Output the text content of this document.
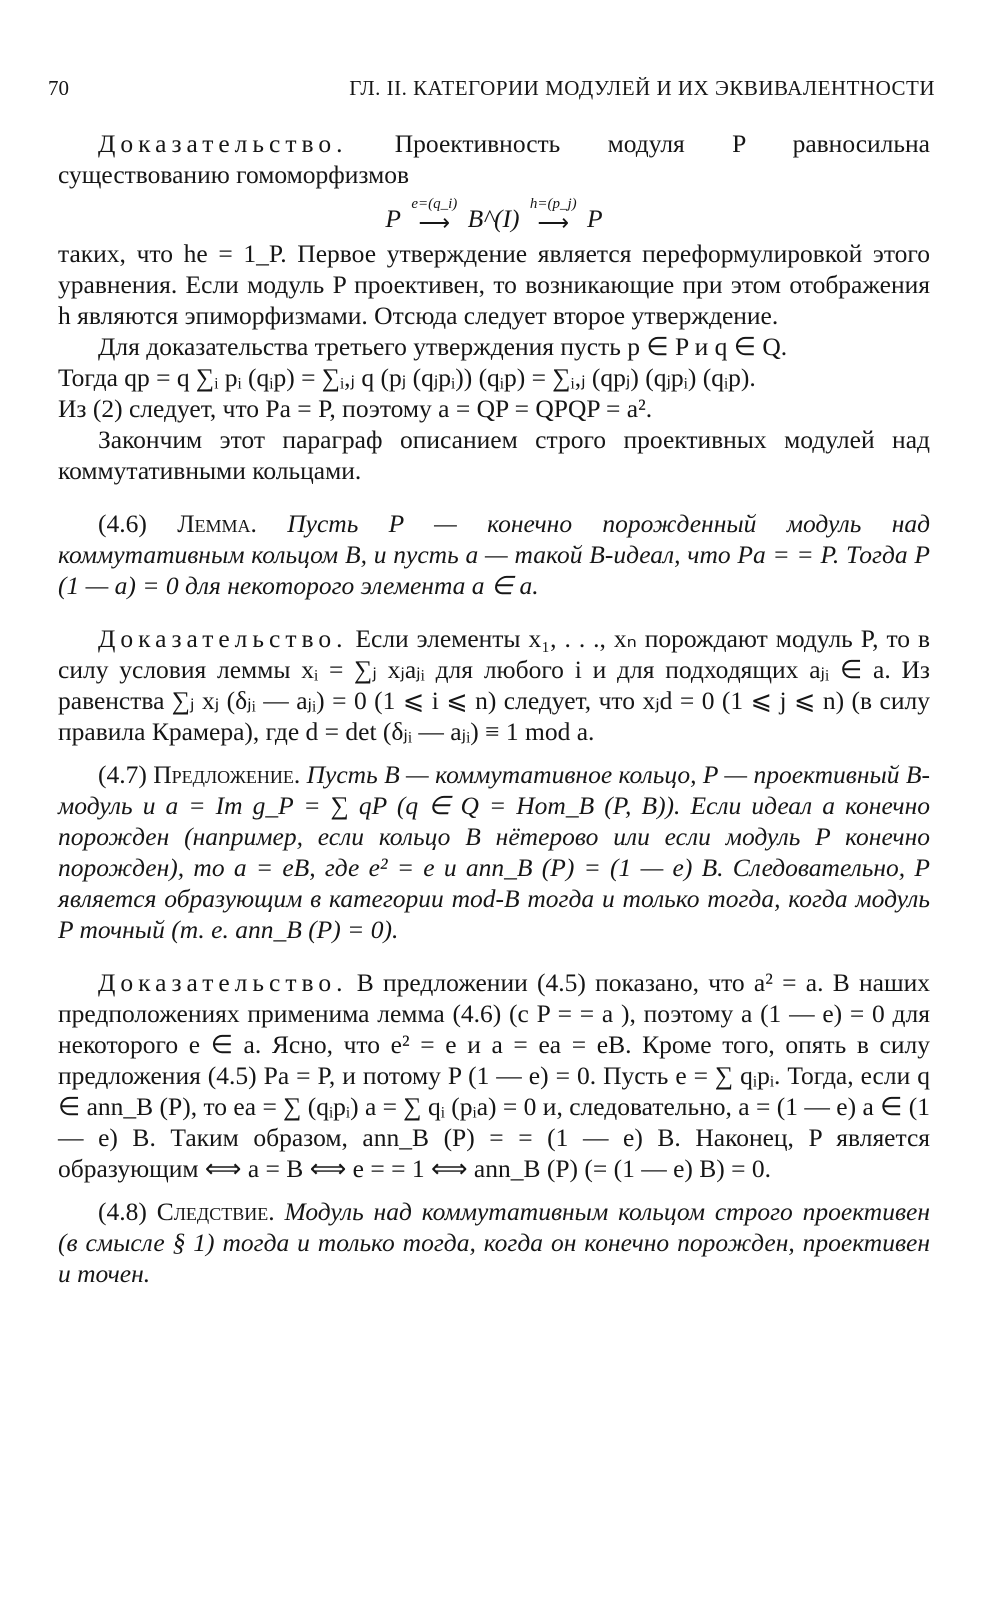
70	ГЛ. II. КАТЕГОРИИ МОДУЛЕЙ И ИХ ЭКВИВАЛЕНТНОСТИ

Доказательство. Проективность модуля P равносильна существованию гомоморфизмов

P e=(q_i)
⟶ B^(I) h=(p_j)
⟶ P

таких, что he = 1_P. Первое утверждение является переформулировкой этого уравнения. Если модуль P проективен, то возникающие при этом отображения h являются эпиморфизмами. Отсюда следует второе утверждение.

Для доказательства третьего утверждения пусть p ∈ P и q ∈ Q.

Тогда qp = q ∑ᵢ pᵢ (qᵢp) = ∑ᵢ,ⱼ q (pⱼ (qⱼpᵢ)) (qᵢp) = ∑ᵢ,ⱼ (qpⱼ) (qⱼpᵢ) (qᵢp).

Из (2) следует, что Pa = P, поэтому a = QP = QPQP = a².

Закончим этот параграф описанием строго проективных модулей над коммутативными кольцами.

(4.6) Лемма. Пусть P — конечно порожденный модуль над коммутативным кольцом B, и пусть a — такой B-идеал, что Pa = = P. Тогда P (1 — a) = 0 для некоторого элемента a ∈ a.

Доказательство. Если элементы x₁, . . ., xₙ порождают модуль P, то в силу условия леммы xᵢ = ∑ⱼ xⱼaⱼᵢ для любого i и для подходящих aⱼᵢ ∈ a. Из равенства ∑ⱼ xⱼ (δⱼᵢ — aⱼᵢ) = 0 (1 ⩽ i ⩽ n) следует, что xⱼd = 0 (1 ⩽ j ⩽ n) (в силу правила Крамера), где d = det (δⱼᵢ — aⱼᵢ) ≡ 1 mod a.

(4.7) Предложение. Пусть B — коммутативное кольцо, P — проективный B-модуль и a = Im g_P = ∑ qP (q ∈ Q = Hom_B (P, B)). Если идеал a конечно порожден (например, если кольцо B нётерово или если модуль P конечно порожден), то a = eB, где e² = e и ann_B (P) = (1 — e) B. Следовательно, P является образующим в категории mod-B тогда и только тогда, когда модуль P точный (т. е. ann_B (P) = 0).

Доказательство. В предложении (4.5) показано, что a² = a. В наших предположениях применима лемма (4.6) (с P = = a ), поэтому a (1 — e) = 0 для некоторого e ∈ a. Ясно, что e² = e и a = ea = eB. Кроме того, опять в силу предложения (4.5) Pa = P, и потому P (1 — e) = 0. Пусть e = ∑ qᵢpᵢ. Тогда, если q ∈ ann_B (P), то ea = ∑ (qᵢpᵢ) a = ∑ qᵢ (pᵢa) = 0 и, следовательно, a = (1 — e) a ∈ (1 — e) B. Таким образом, ann_B (P) = = (1 — e) B. Наконец, P является образующим ⟺ a = B ⟺ e = = 1 ⟺ ann_B (P) (= (1 — e) B) = 0.

(4.8) Следствие. Модуль над коммутативным кольцом строго проективен (в смысле § 1) тогда и только тогда, когда он конечно порожден, проективен и точен.
